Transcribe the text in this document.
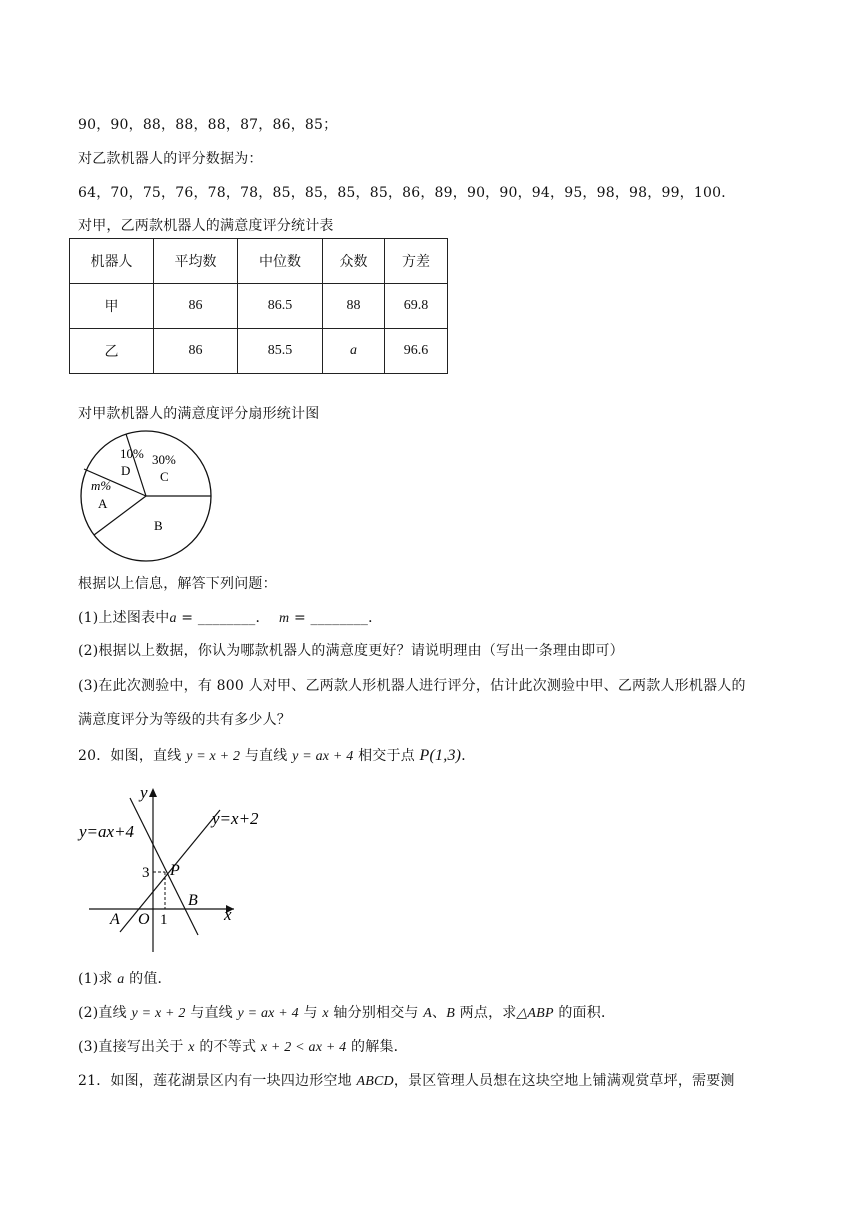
90，90，88，88，88，87，86，85；
对乙款机器人的评分数据为：
64，70，75，76，78，78，85，85，85，85，86，89，90，90，94，95，98，98，99，100．
对甲，乙两款机器人的满意度评分统计表
机器人	平均数	中位数	众数	方差
甲	86	86.5	88	69.8
乙	86	85.5	a	96.6
对甲款机器人的满意度评分扇形统计图
10%
D
30%
C
m%
A
B
根据以上信息，解答下列问题：
(1)上述图表中a = ________． m = ________．
(2)根据以上数据，你认为哪款机器人的满意度更好？请说明理由（写出一条理由即可）
(3)在此次测验中，有 800 人对甲、乙两款人形机器人进行评分，估计此次测验中甲、乙两款人形机器人的
满意度评分为等级的共有多少人？
20．如图，直线 y = x + 2 与直线 y = ax + 4 相交于点 P(1,3)．
y=ax+4
y=x+2
y
x
O
A
B
P
3
1
(1)求 a 的值．
(2)直线 y = x + 2 与直线 y = ax + 4 与 x 轴分别相交与 A、B 两点，求△ABP 的面积．
(3)直接写出关于 x 的不等式 x + 2 < ax + 4 的解集．
21．如图，莲花湖景区内有一块四边形空地 ABCD，景区管理人员想在这块空地上铺满观赏草坪，需要测
